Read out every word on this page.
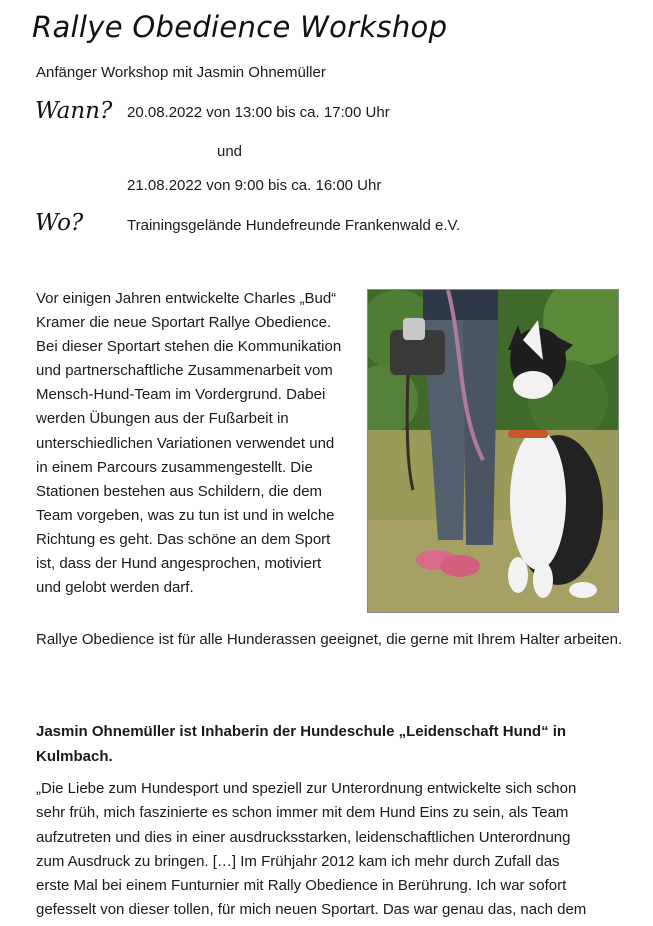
Rallye Obedience Workshop
Anfänger Workshop mit Jasmin Ohnemüller
Wann? 20.08.2022 von 13:00 bis ca. 17:00 Uhr
und
21.08.2022 von 9:00 bis ca. 16:00 Uhr
Wo?	Trainingsgelände Hundefreunde Frankenwald e.V.
Vor einigen Jahren entwickelte Charles „Bud“ Kramer die neue Sportart Rallye Obedience. Bei dieser Sportart stehen die Kommunikation und partnerschaftliche Zusammenarbeit vom Mensch-Hund-Team im Vordergrund. Dabei werden Übungen aus der Fußarbeit in unterschiedlichen Variationen verwendet und in einem Parcours zusammengestellt. Die Stationen bestehen aus Schildern, die dem Team vorgeben, was zu tun ist und in welche Richtung es geht. Das schöne an dem Sport ist, dass der Hund angesprochen, motiviert und gelobt werden darf.
Rallye Obedience ist für alle Hunderassen geeignet, die gerne mit Ihrem Halter arbeiten.
Jasmin Ohnemüller ist Inhaberin der Hundeschule „Leidenschaft Hund“ in Kulmbach.
„Die Liebe zum Hundesport und speziell zur Unterordnung entwickelte sich schon
sehr früh, mich faszinierte es schon immer mit dem Hund Eins zu sein, als Team
aufzutreten und dies in einer ausdrucksstarken, leidenschaftlichen Unterordnung
zum Ausdruck zu bringen. […] Im Frühjahr 2012 kam ich mehr durch Zufall das
erste Mal bei einem Funturnier mit Rally Obedience in Berührung. Ich war sofort
gefesselt von dieser tollen, für mich neuen Sportart. Das war genau das, nach dem
